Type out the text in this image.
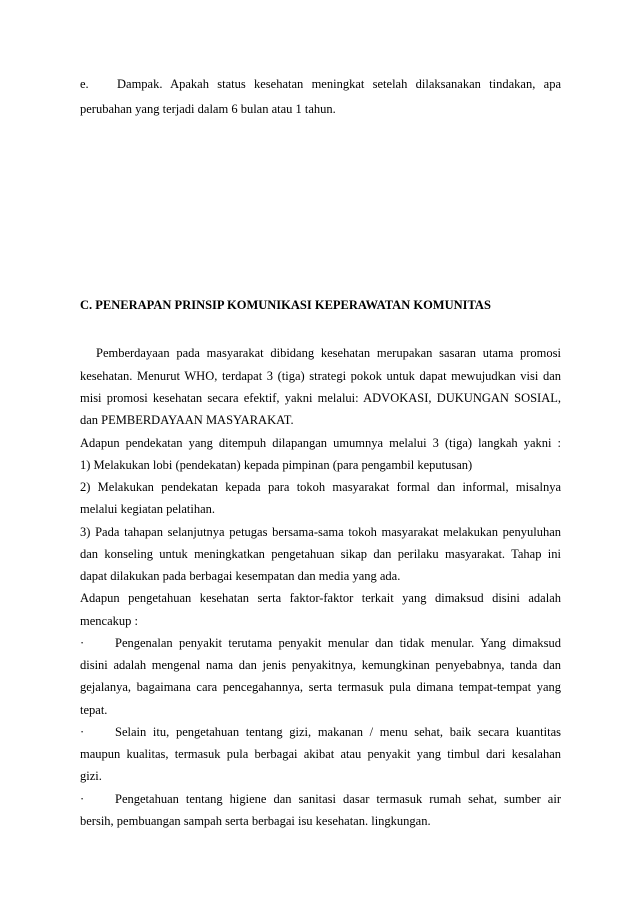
e. Dampak. Apakah status kesehatan meningkat setelah dilaksanakan tindakan, apa
perubahan yang terjadi dalam 6 bulan atau 1 tahun.
C. PENERAPAN PRINSIP KOMUNIKASI KEPERAWATAN KOMUNITAS
Pemberdayaan pada masyarakat dibidang kesehatan merupakan sasaran utama promosi
kesehatan. Menurut WHO, terdapat 3 (tiga) strategi pokok untuk dapat mewujudkan visi dan
misi promosi kesehatan secara efektif, yakni melalui: ADVOKASI, DUKUNGAN SOSIAL,
dan PEMBERDAYAAN MASYARAKAT.
Adapun pendekatan yang ditempuh dilapangan umumnya melalui 3 (tiga) langkah yakni :
1) Melakukan lobi (pendekatan) kepada pimpinan (para pengambil keputusan)
2) Melakukan pendekatan kepada para tokoh masyarakat formal dan informal, misalnya
melalui kegiatan pelatihan.
3) Pada tahapan selanjutnya petugas bersama-sama tokoh masyarakat melakukan penyuluhan
dan konseling untuk meningkatkan pengetahuan sikap dan perilaku masyarakat. Tahap ini
dapat dilakukan pada berbagai kesempatan dan media yang ada.
Adapun pengetahuan kesehatan serta faktor-faktor terkait yang dimaksud disini adalah
mencakup :
· Pengenalan penyakit terutama penyakit menular dan tidak menular. Yang dimaksud
disini adalah mengenal nama dan jenis penyakitnya, kemungkinan penyebabnya, tanda dan
gejalanya, bagaimana cara pencegahannya, serta termasuk pula dimana tempat-tempat yang
tepat.
· Selain itu, pengetahuan tentang gizi, makanan / menu sehat, baik secara kuantitas
maupun kualitas, termasuk pula berbagai akibat atau penyakit yang timbul dari kesalahan
gizi.
· Pengetahuan tentang higiene dan sanitasi dasar termasuk rumah sehat, sumber air
bersih, pembuangan sampah serta berbagai isu kesehatan. lingkungan.
